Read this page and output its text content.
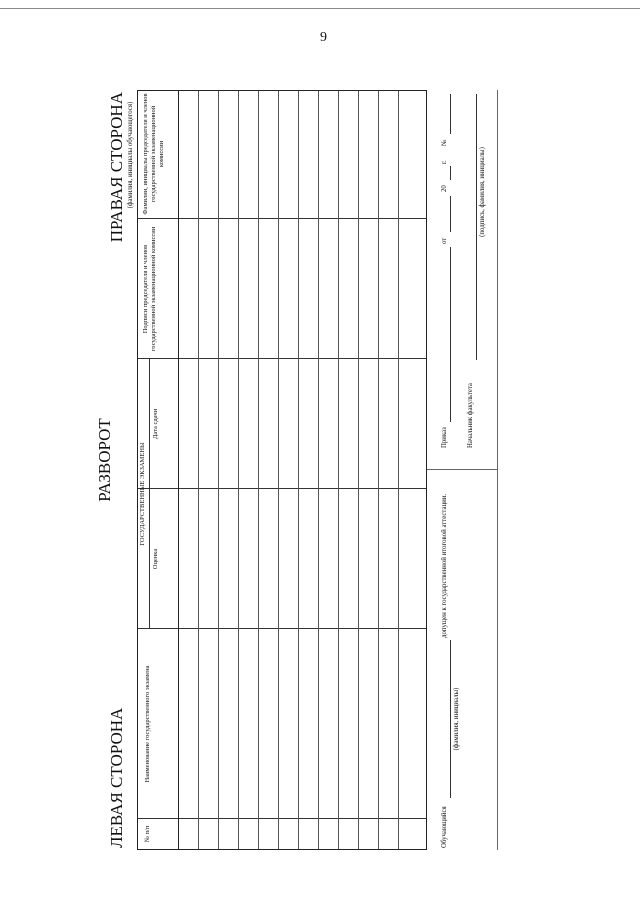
9
ЛЕВАЯ СТОРОНА
РАЗВОРОТ
ПРАВАЯ СТОРОНА
№ п/п
Наименование государственного экзамена
ГОСУДАРСТВЕННЫЕ ЭКЗАМЕНЫ
Оценка
Дата сдачи
Подписи председателя и членов государственной экзаменационной комиссии
Фамилии, инициалы председателя и членов государственной экзаменационной комиссии
(фамилия, инициалы обучающегося)
Обучающийся
допущен к государственной итоговой аттестации.
(фамилия, инициалы)
Приказ
от
20
г.
№
Начальник факультета
(подпись, фамилия, инициалы)
